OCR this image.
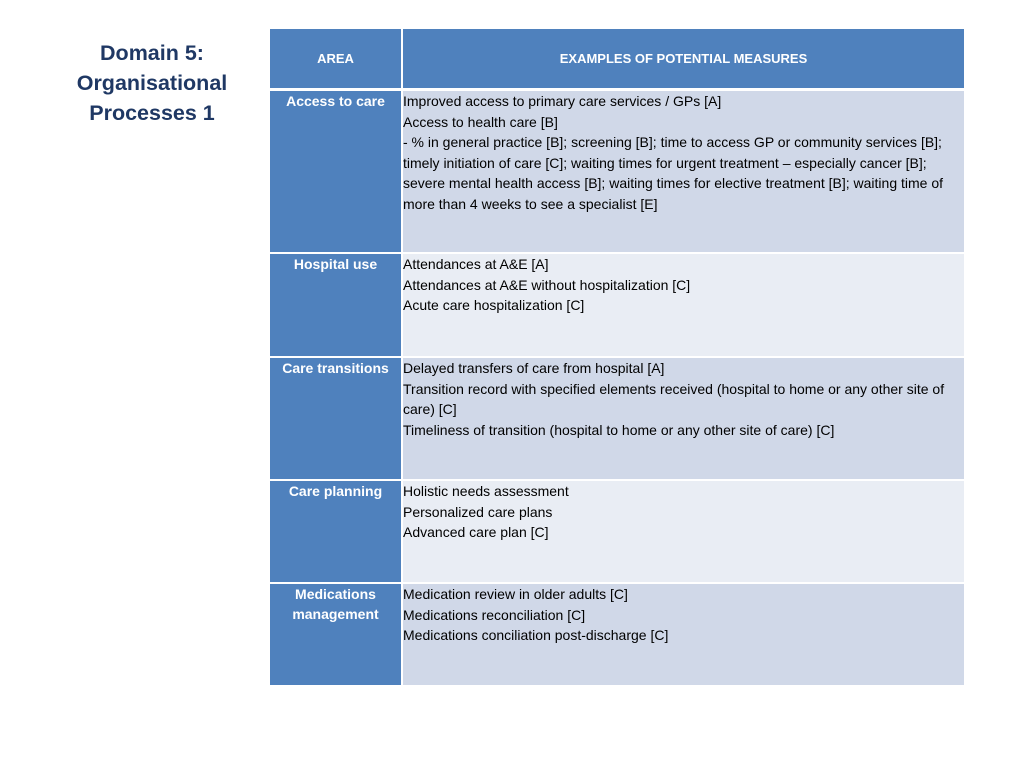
Domain 5:
Organisational
Processes 1
AREA	EXAMPLES OF POTENTIAL MEASURES
Access to care	Improved access to primary care services / GPs [A]
Access to health care [B]
- % in general practice [B]; screening [B]; time to access GP or community services [B]; timely initiation of care [C]; waiting times for urgent treatment – especially cancer [B]; severe mental health access [B]; waiting times for elective treatment [B]; waiting time of more than 4 weeks to see a specialist [E]

Hospital use	Attendances at A&E [A]
Attendances at A&E without hospitalization [C]
Acute care hospitalization [C]

Care transitions	Delayed transfers of care from hospital [A]
Transition record with specified elements received (hospital to home or any other site of care) [C]
Timeliness of transition (hospital to home or any other site of care) [C]

Care planning	Holistic needs assessment
Personalized care plans
Advanced care plan [C]

Medications
management	Medication review in older adults [C]
Medications reconciliation [C]
Medications conciliation post-discharge [C]
